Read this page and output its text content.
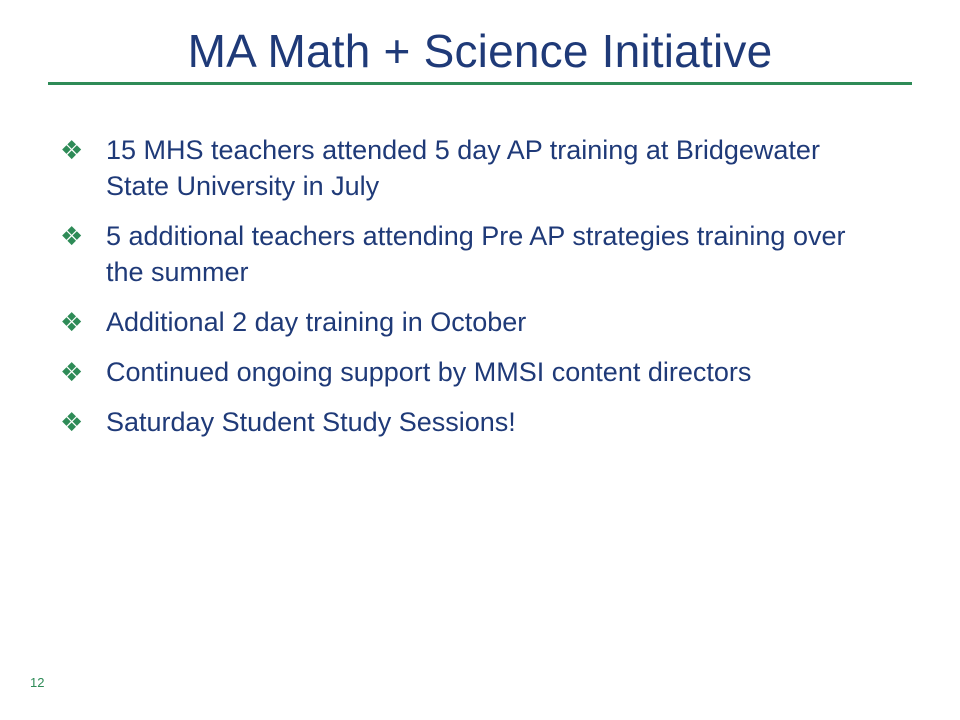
MA Math + Science Initiative
❖ 15 MHS teachers attended 5 day AP training at Bridgewater State University in July
❖ 5 additional teachers attending Pre AP strategies training over the summer
❖ Additional 2 day training in October
❖ Continued ongoing support by MMSI content directors
❖ Saturday Student Study Sessions!
12
